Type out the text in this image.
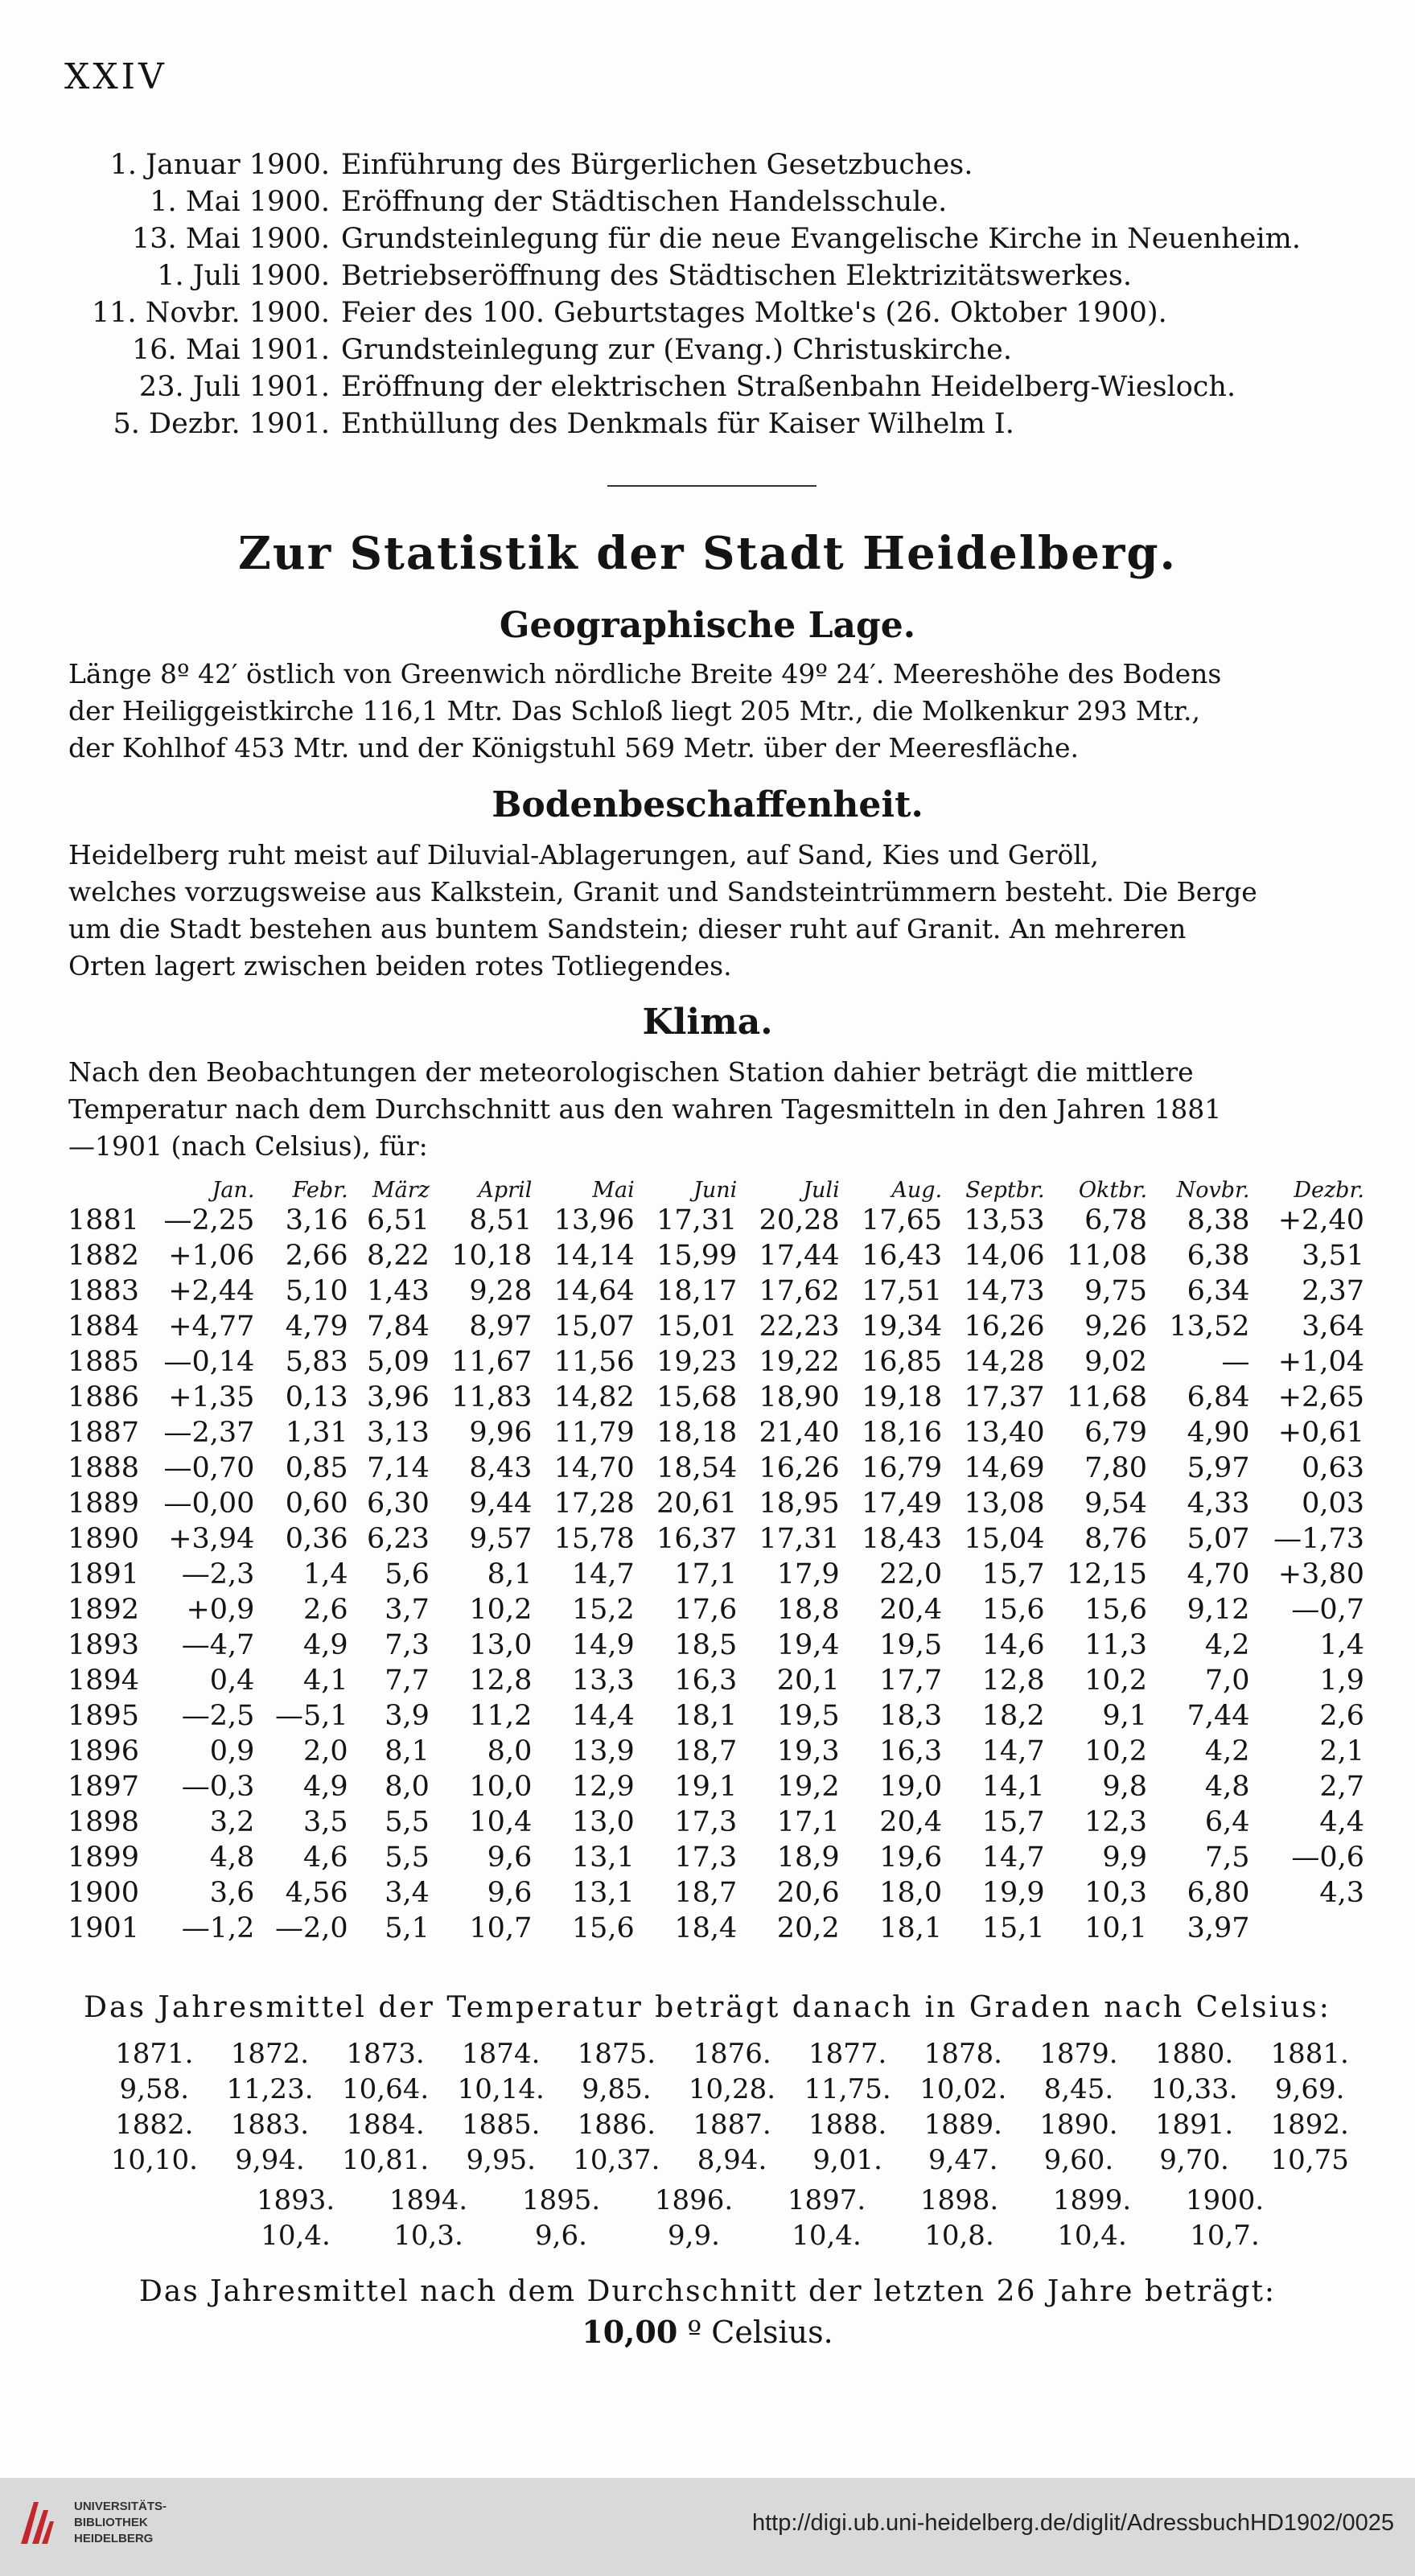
XXIV
1. Januar 1900. Einführung des Bürgerlichen Gesetzbuches.
1. Mai 1900. Eröffnung der Städtischen Handelsschule.
13. Mai 1900. Grundsteinlegung für die neue Evangelische Kirche in Neuenheim.
1. Juli 1900. Betriebseröffnung des Städtischen Elektrizitätswerkes.
11. Novbr. 1900. Feier des 100. Geburtstages Moltke's (26. Oktober 1900).
16. Mai 1901. Grundsteinlegung zur (Evang.) Christuskirche.
23. Juli 1901. Eröffnung der elektrischen Straßenbahn Heidelberg-Wiesloch.
5. Dezbr. 1901. Enthüllung des Denkmals für Kaiser Wilhelm I.
Zur Statistik der Stadt Heidelberg.
Geographische Lage.
Länge 8º 42′ östlich von Greenwich nördliche Breite 49º 24′. Meereshöhe des Bodens der Heiliggeistkirche 116,1 Mtr. Das Schloß liegt 205 Mtr., die Molkenkur 293 Mtr., der Kohlhof 453 Mtr. und der Königstuhl 569 Metr. über der Meeresfläche.
Bodenbeschaffenheit.
Heidelberg ruht meist auf Diluvial-Ablagerungen, auf Sand, Kies und Geröll, welches vorzugsweise aus Kalkstein, Granit und Sandsteintrümmern besteht. Die Berge um die Stadt bestehen aus buntem Sandstein; dieser ruht auf Granit. An mehreren Orten lagert zwischen beiden rotes Totliegendes.
Klima.
Nach den Beobachtungen der meteorologischen Station dahier beträgt die mittlere Temperatur nach dem Durchschnitt aus den wahren Tagesmitteln in den Jahren 1881 —1901 (nach Celsius), für:
	Jan.	Febr.	März	April	Mai	Juni	Juli	Aug.	Septbr.	Oktbr.	Novbr.	Dezbr.
1881	—2,25	3,16	6,51	8,51	13,96	17,31	20,28	17,65	13,53	6,78	8,38	+2,40
1882	+1,06	2,66	8,22	10,18	14,14	15,99	17,44	16,43	14,06	11,08	6,38	3,51
1883	+2,44	5,10	1,43	9,28	14,64	18,17	17,62	17,51	14,73	9,75	6,34	2,37
1884	+4,77	4,79	7,84	8,97	15,07	15,01	22,23	19,34	16,26	9,26	13,52	3,64
1885	—0,14	5,83	5,09	11,67	11,56	19,23	19,22	16,85	14,28	9,02	—	+1,04
1886	+1,35	0,13	3,96	11,83	14,82	15,68	18,90	19,18	17,37	11,68	6,84	+2,65
1887	—2,37	1,31	3,13	9,96	11,79	18,18	21,40	18,16	13,40	6,79	4,90	+0,61
1888	—0,70	0,85	7,14	8,43	14,70	18,54	16,26	16,79	14,69	7,80	5,97	0,63
1889	—0,00	0,60	6,30	9,44	17,28	20,61	18,95	17,49	13,08	9,54	4,33	0,03
1890	+3,94	0,36	6,23	9,57	15,78	16,37	17,31	18,43	15,04	8,76	5,07	—1,73
1891	—2,3	1,4	5,6	8,1	14,7	17,1	17,9	22,0	15,7	12,15	4,70	+3,80
1892	+0,9	2,6	3,7	10,2	15,2	17,6	18,8	20,4	15,6	15,6	9,12	—0,7
1893	—4,7	4,9	7,3	13,0	14,9	18,5	19,4	19,5	14,6	11,3	4,2	1,4
1894	0,4	4,1	7,7	12,8	13,3	16,3	20,1	17,7	12,8	10,2	7,0	1,9
1895	—2,5	—5,1	3,9	11,2	14,4	18,1	19,5	18,3	18,2	9,1	7,44	2,6
1896	0,9	2,0	8,1	8,0	13,9	18,7	19,3	16,3	14,7	10,2	4,2	2,1
1897	—0,3	4,9	8,0	10,0	12,9	19,1	19,2	19,0	14,1	9,8	4,8	2,7
1898	3,2	3,5	5,5	10,4	13,0	17,3	17,1	20,4	15,7	12,3	6,4	4,4
1899	4,8	4,6	5,5	9,6	13,1	17,3	18,9	19,6	14,7	9,9	7,5	—0,6
1900	3,6	4,56	3,4	9,6	13,1	18,7	20,6	18,0	19,9	10,3	6,80	4,3
1901	—1,2	—2,0	5,1	10,7	15,6	18,4	20,2	18,1	15,1	10,1	3,97	
Das Jahresmittel der Temperatur beträgt danach in Graden nach Celsius:
1871.	1872.	1873.	1874.	1875.	1876.	1877.	1878.	1879.	1880.	1881.
9,58.	11,23.	10,64.	10,14.	9,85.	10,28.	11,75.	10,02.	8,45.	10,33.	9,69.
1882.	1883.	1884.	1885.	1886.	1887.	1888.	1889.	1890.	1891.	1892.
10,10.	9,94.	10,81.	9,95.	10,37.	8,94.	9,01.	9,47.	9,60.	9,70.	10,75
1893.	1894.	1895.	1896.	1897.	1898.	1899.	1900.
10,4.	10,3.	9,6.	9,9.	10,4.	10,8.	10,4.	10,7.
Das Jahresmittel nach dem Durchschnitt der letzten 26 Jahre beträgt:
10,00 º Celsius.
UNIVERSITÄTS-
BIBLIOTHEK
HEIDELBERG
http://digi.ub.uni-heidelberg.de/diglit/AdressbuchHD1902/0025
